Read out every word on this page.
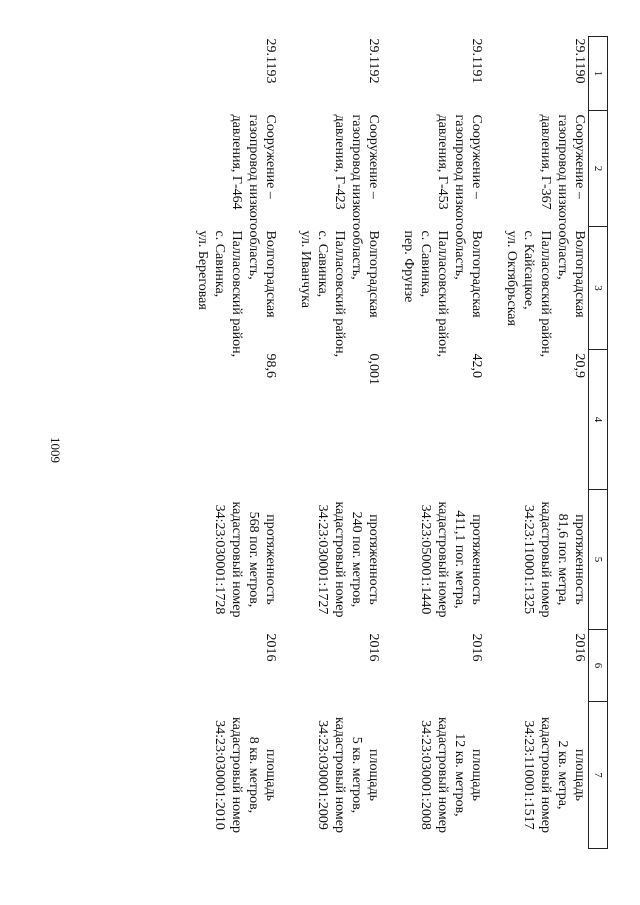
1009
1	2	3	4	5	6	7
29.1190	Сооружение –
газопровод низкого
давления, Г-367	Волгоградская
область,
Палласовский район,
с. Кайсацкое,
ул. Октябрьская	20,9	протяженность
81,6 пог. метра,
кадастровый номер
34:23:110001:1325	2016	площадь
2 кв. метра,
кадастровый номер
34:23:110001:1517

29.1191	Сооружение –
газопровод низкого
давления, Г-453	Волгоградская
область,
Палласовский район,
с. Савинка,
пер. Фрунзе	42,0	протяженность
411,1 пог. метра,
кадастровый номер
34:23:050001:1440	2016	площадь
12 кв. метров,
кадастровый номер
34:23:030001:2008

29.1192	Сооружение –
газопровод низкого
давления, Г-423	Волгоградская
область,
Палласовский район,
с. Савинка,
ул. Иванчука	0,001	протяженность
240 пог. метров,
кадастровый номер
34:23:030001:1727	2016	площадь
5 кв. метров,
кадастровый номер
34:23:030001:2009

29.1193	Сооружение –
газопровод низкого
давления, Г-464	Волгоградская
область,
Палласовский район,
с. Савинка,
ул. Береговая	98,6	протяженность
568 пог. метров,
кадастровый номер
34:23:030001:1728	2016	площадь
8 кв. метров,
кадастровый номер
34:23:030001:2010
